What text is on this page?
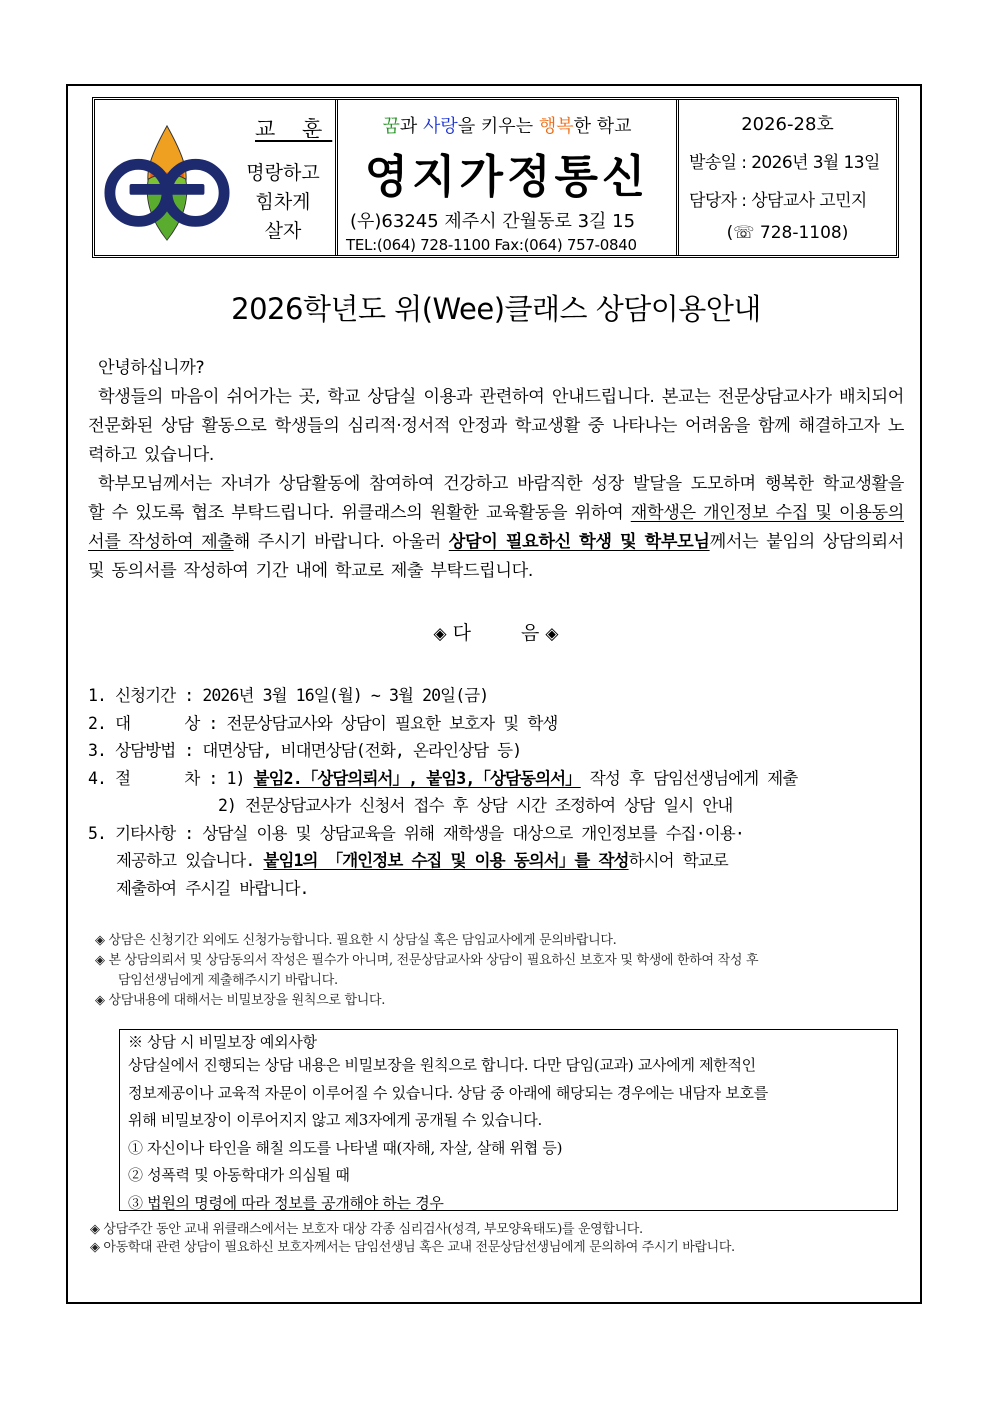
교 훈
명랑하고
힘차게
살자
꿈과 사랑을 키우는 행복한 학교
영지가정통신
(우)63245 제주시 간월동로 3길 15
TEL:(064) 728-1100 Fax:(064) 757-0840
2026-28호
발송일 : 2026년 3월 13일
담당자 : 상담교사 고민지
(☏ 728-1108)
2026학년도 위(Wee)클래스 상담이용안내
안녕하십니까?
학생들의 마음이 쉬어가는 곳, 학교 상담실 이용과 관련하여 안내드립니다. 본교는 전문상담교사가 배치되어 전문화된 상담 활동으로 학생들의 심리적·정서적 안정과 학교생활 중 나타나는 어려움을 함께 해결하고자 노력하고 있습니다.
학부모님께서는 자녀가 상담활동에 참여하여 건강하고 바람직한 성장 발달을 도모하며 행복한 학교생활을 할 수 있도록 협조 부탁드립니다. 위클래스의 원활한 교육활동을 위하여 재학생은 개인정보 수집 및 이용동의서를 작성하여 제출해 주시기 바랍니다. 아울러 상담이 필요하신 학생 및 학부모님께서는 붙임의 상담의뢰서 및 동의서를 작성하여 기간 내에 학교로 제출 부탁드립니다.
◈ 다	음 ◈
1. 신청기간 : 2026년 3월 16일(월) ~ 3월 20일(금)
2. 대      상 : 전문상담교사와 상담이 필요한 보호자 및 학생
3. 상담방법 : 대면상담, 비대면상담(전화, 온라인상담 등)
4. 절      차 : 1) 붙임2.「상담의뢰서」, 붙임3,「상담동의서」 작성 후 담임선생님에게 제출
2) 전문상담교사가 신청서 접수 후 상담 시간 조정하여 상담 일시 안내
5. 기타사항 : 상담실 이용 및 상담교육을 위해 재학생을 대상으로 개인정보를 수집·이용·
제공하고 있습니다. 붙임1의 「개인정보 수집 및 이용 동의서」를 작성하시어 학교로
제출하여 주시길 바랍니다.
◈ 상담은 신청기간 외에도 신청가능합니다. 필요한 시 상담실 혹은 담임교사에게 문의바랍니다.
◈ 본 상담의뢰서 및 상담동의서 작성은 필수가 아니며, 전문상담교사와 상담이 필요하신 보호자 및 학생에 한하여 작성 후
담임선생님에게 제출해주시기 바랍니다.
◈ 상담내용에 대해서는 비밀보장을 원칙으로 합니다.
※ 상담 시 비밀보장 예외사항
상담실에서 진행되는 상담 내용은 비밀보장을 원칙으로 합니다. 다만 담임(교과) 교사에게 제한적인
정보제공이나 교육적 자문이 이루어질 수 있습니다. 상담 중 아래에 해당되는 경우에는 내담자 보호를
위해 비밀보장이 이루어지지 않고 제3자에게 공개될 수 있습니다.
① 자신이나 타인을 해칠 의도를 나타낼 때(자해, 자살, 살해 위협 등)
② 성폭력 및 아동학대가 의심될 때
③ 법원의 명령에 따라 정보를 공개해야 하는 경우
◈ 상담주간 동안 교내 위클래스에서는 보호자 대상 각종 심리검사(성격, 부모양육태도)를 운영합니다.
◈ 아동학대 관련 상담이 필요하신 보호자께서는 담임선생님 혹은 교내 전문상담선생님에게 문의하여 주시기 바랍니다.
